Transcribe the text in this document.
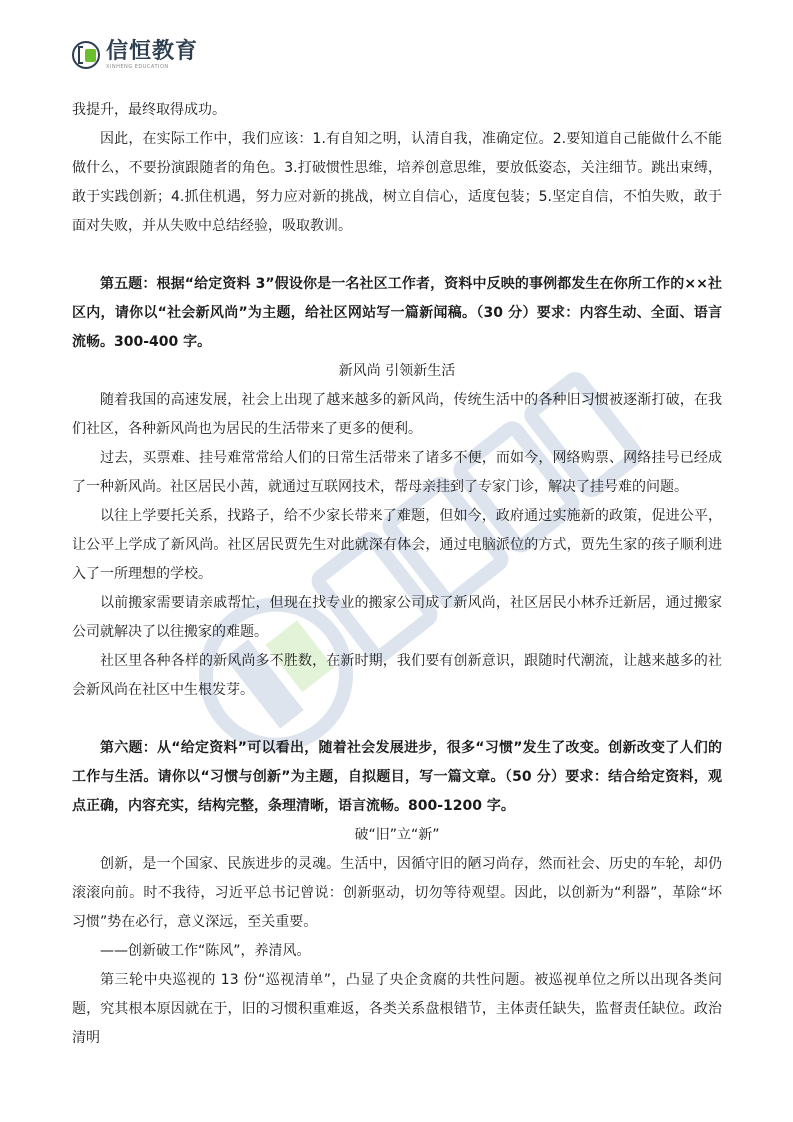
信恒教育
XINHENG EDUCATION

我提升，最终取得成功。

因此，在实际工作中，我们应该：1.有自知之明，认清自我，准确定位。2.要知道自己能做什么不能做什么，不要扮演跟随者的角色。3.打破惯性思维，培养创意思维，要放低姿态，关注细节。跳出束缚，敢于实践创新；4.抓住机遇，努力应对新的挑战，树立自信心，适度包装；5.坚定自信，不怕失败，敢于面对失败，并从失败中总结经验，吸取教训。

第五题：根据“给定资料 3”假设你是一名社区工作者，资料中反映的事例都发生在你所工作的××社区内，请你以“社会新风尚”为主题，给社区网站写一篇新闻稿。（30 分）要求：内容生动、全面、语言流畅。300-400 字。

新风尚 引领新生活

随着我国的高速发展，社会上出现了越来越多的新风尚，传统生活中的各种旧习惯被逐渐打破，在我们社区，各种新风尚也为居民的生活带来了更多的便利。

过去，买票难、挂号难常常给人们的日常生活带来了诸多不便，而如今，网络购票、网络挂号已经成了一种新风尚。社区居民小茜，就通过互联网技术，帮母亲挂到了专家门诊，解决了挂号难的问题。

以往上学要托关系，找路子，给不少家长带来了难题，但如今，政府通过实施新的政策，促进公平，让公平上学成了新风尚。社区居民贾先生对此就深有体会，通过电脑派位的方式，贾先生家的孩子顺利进入了一所理想的学校。

以前搬家需要请亲戚帮忙，但现在找专业的搬家公司成了新风尚，社区居民小林乔迁新居，通过搬家公司就解决了以往搬家的难题。

社区里各种各样的新风尚多不胜数，在新时期，我们要有创新意识，跟随时代潮流，让越来越多的社会新风尚在社区中生根发芽。

第六题：从“给定资料”可以看出，随着社会发展进步，很多“习惯”发生了改变。创新改变了人们的工作与生活。请你以“习惯与创新”为主题，自拟题目，写一篇文章。（50 分）要求：结合给定资料，观点正确，内容充实，结构完整，条理清晰，语言流畅。800-1200 字。

破“旧”立“新”

创新，是一个国家、民族进步的灵魂。生活中，因循守旧的陋习尚存，然而社会、历史的车轮，却仍滚滚向前。时不我待，习近平总书记曾说：创新驱动，切勿等待观望。因此，以创新为“利器”，革除“坏习惯”势在必行，意义深远，至关重要。

——创新破工作“陈风”，养清风。

第三轮中央巡视的 13 份“巡视清单”，凸显了央企贪腐的共性问题。被巡视单位之所以出现各类问题，究其根本原因就在于，旧的习惯积重难返，各类关系盘根错节，主体责任缺失，监督责任缺位。政治清明
